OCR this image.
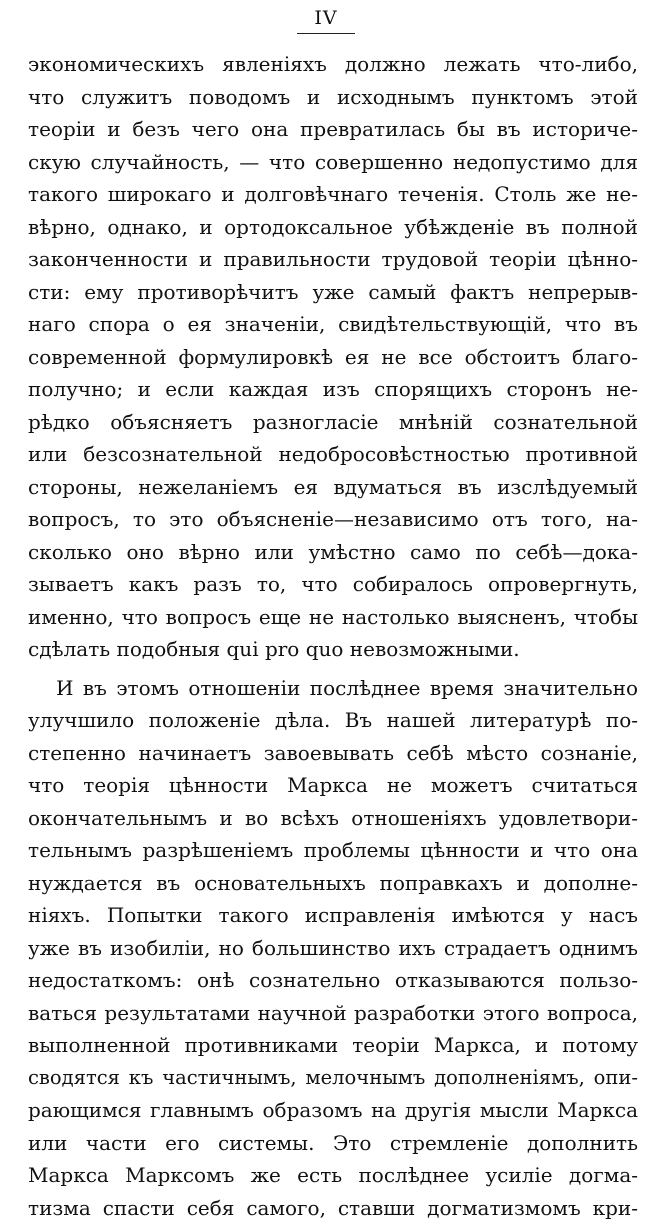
IV
экономическихъ явленіяхъ должно лежать что-либо,
что служитъ поводомъ и исходнымъ пунктомъ этой
теоріи и безъ чего она превратилась бы въ историче-
скую случайность, — что совершенно недопустимо для
такого широкаго и долговѣчнаго теченія. Столь же не-
вѣрно, однако, и ортодоксальное убѣжденіе въ полной
законченности и правильности трудовой теоріи цѣнно-
сти: ему противорѣчитъ уже самый фактъ непрерыв-
наго спора о ея значеніи, свидѣтельствующій, что въ
современной формулировкѣ ея не все обстоитъ благо-
получно; и если каждая изъ спорящихъ сторонъ не-
рѣдко объясняетъ разногласіе мнѣній сознательной
или безсознательной недобросовѣстностью противной
стороны, нежеланіемъ ея вдуматься въ изслѣдуемый
вопросъ, то это объясненіе—независимо отъ того, на-
сколько оно вѣрно или умѣстно само по себѣ—дока-
зываетъ какъ разъ то, что собиралось опровергнуть,
именно, что вопросъ еще не настолько выясненъ, чтобы
сдѣлать подобныя qui pro quo невозможными.
И въ этомъ отношеніи послѣднее время значительно
улучшило положеніе дѣла. Въ нашей литературѣ по-
степенно начинаетъ завоевывать себѣ мѣсто сознаніе,
что теорія цѣнности Маркса не можетъ считаться
окончательнымъ и во всѣхъ отношеніяхъ удовлетвори-
тельнымъ разрѣшеніемъ проблемы цѣнности и что она
нуждается въ основательныхъ поправкахъ и дополне-
ніяхъ. Попытки такого исправленія имѣются у насъ
уже въ изобиліи, но большинство ихъ страдаетъ однимъ
недостаткомъ: онѣ сознательно отказываются пользо-
ваться результатами научной разработки этого вопроса,
выполненной противниками теоріи Маркса, и потому
сводятся къ частичнымъ, мелочнымъ дополненіямъ, опи-
рающимся главнымъ образомъ на другія мысли Маркса
или части его системы. Это стремленіе дополнить
Маркса Марксомъ же есть послѣднее усиліе догма-
тизма спасти себя самого, ставши догматизмомъ кри-
